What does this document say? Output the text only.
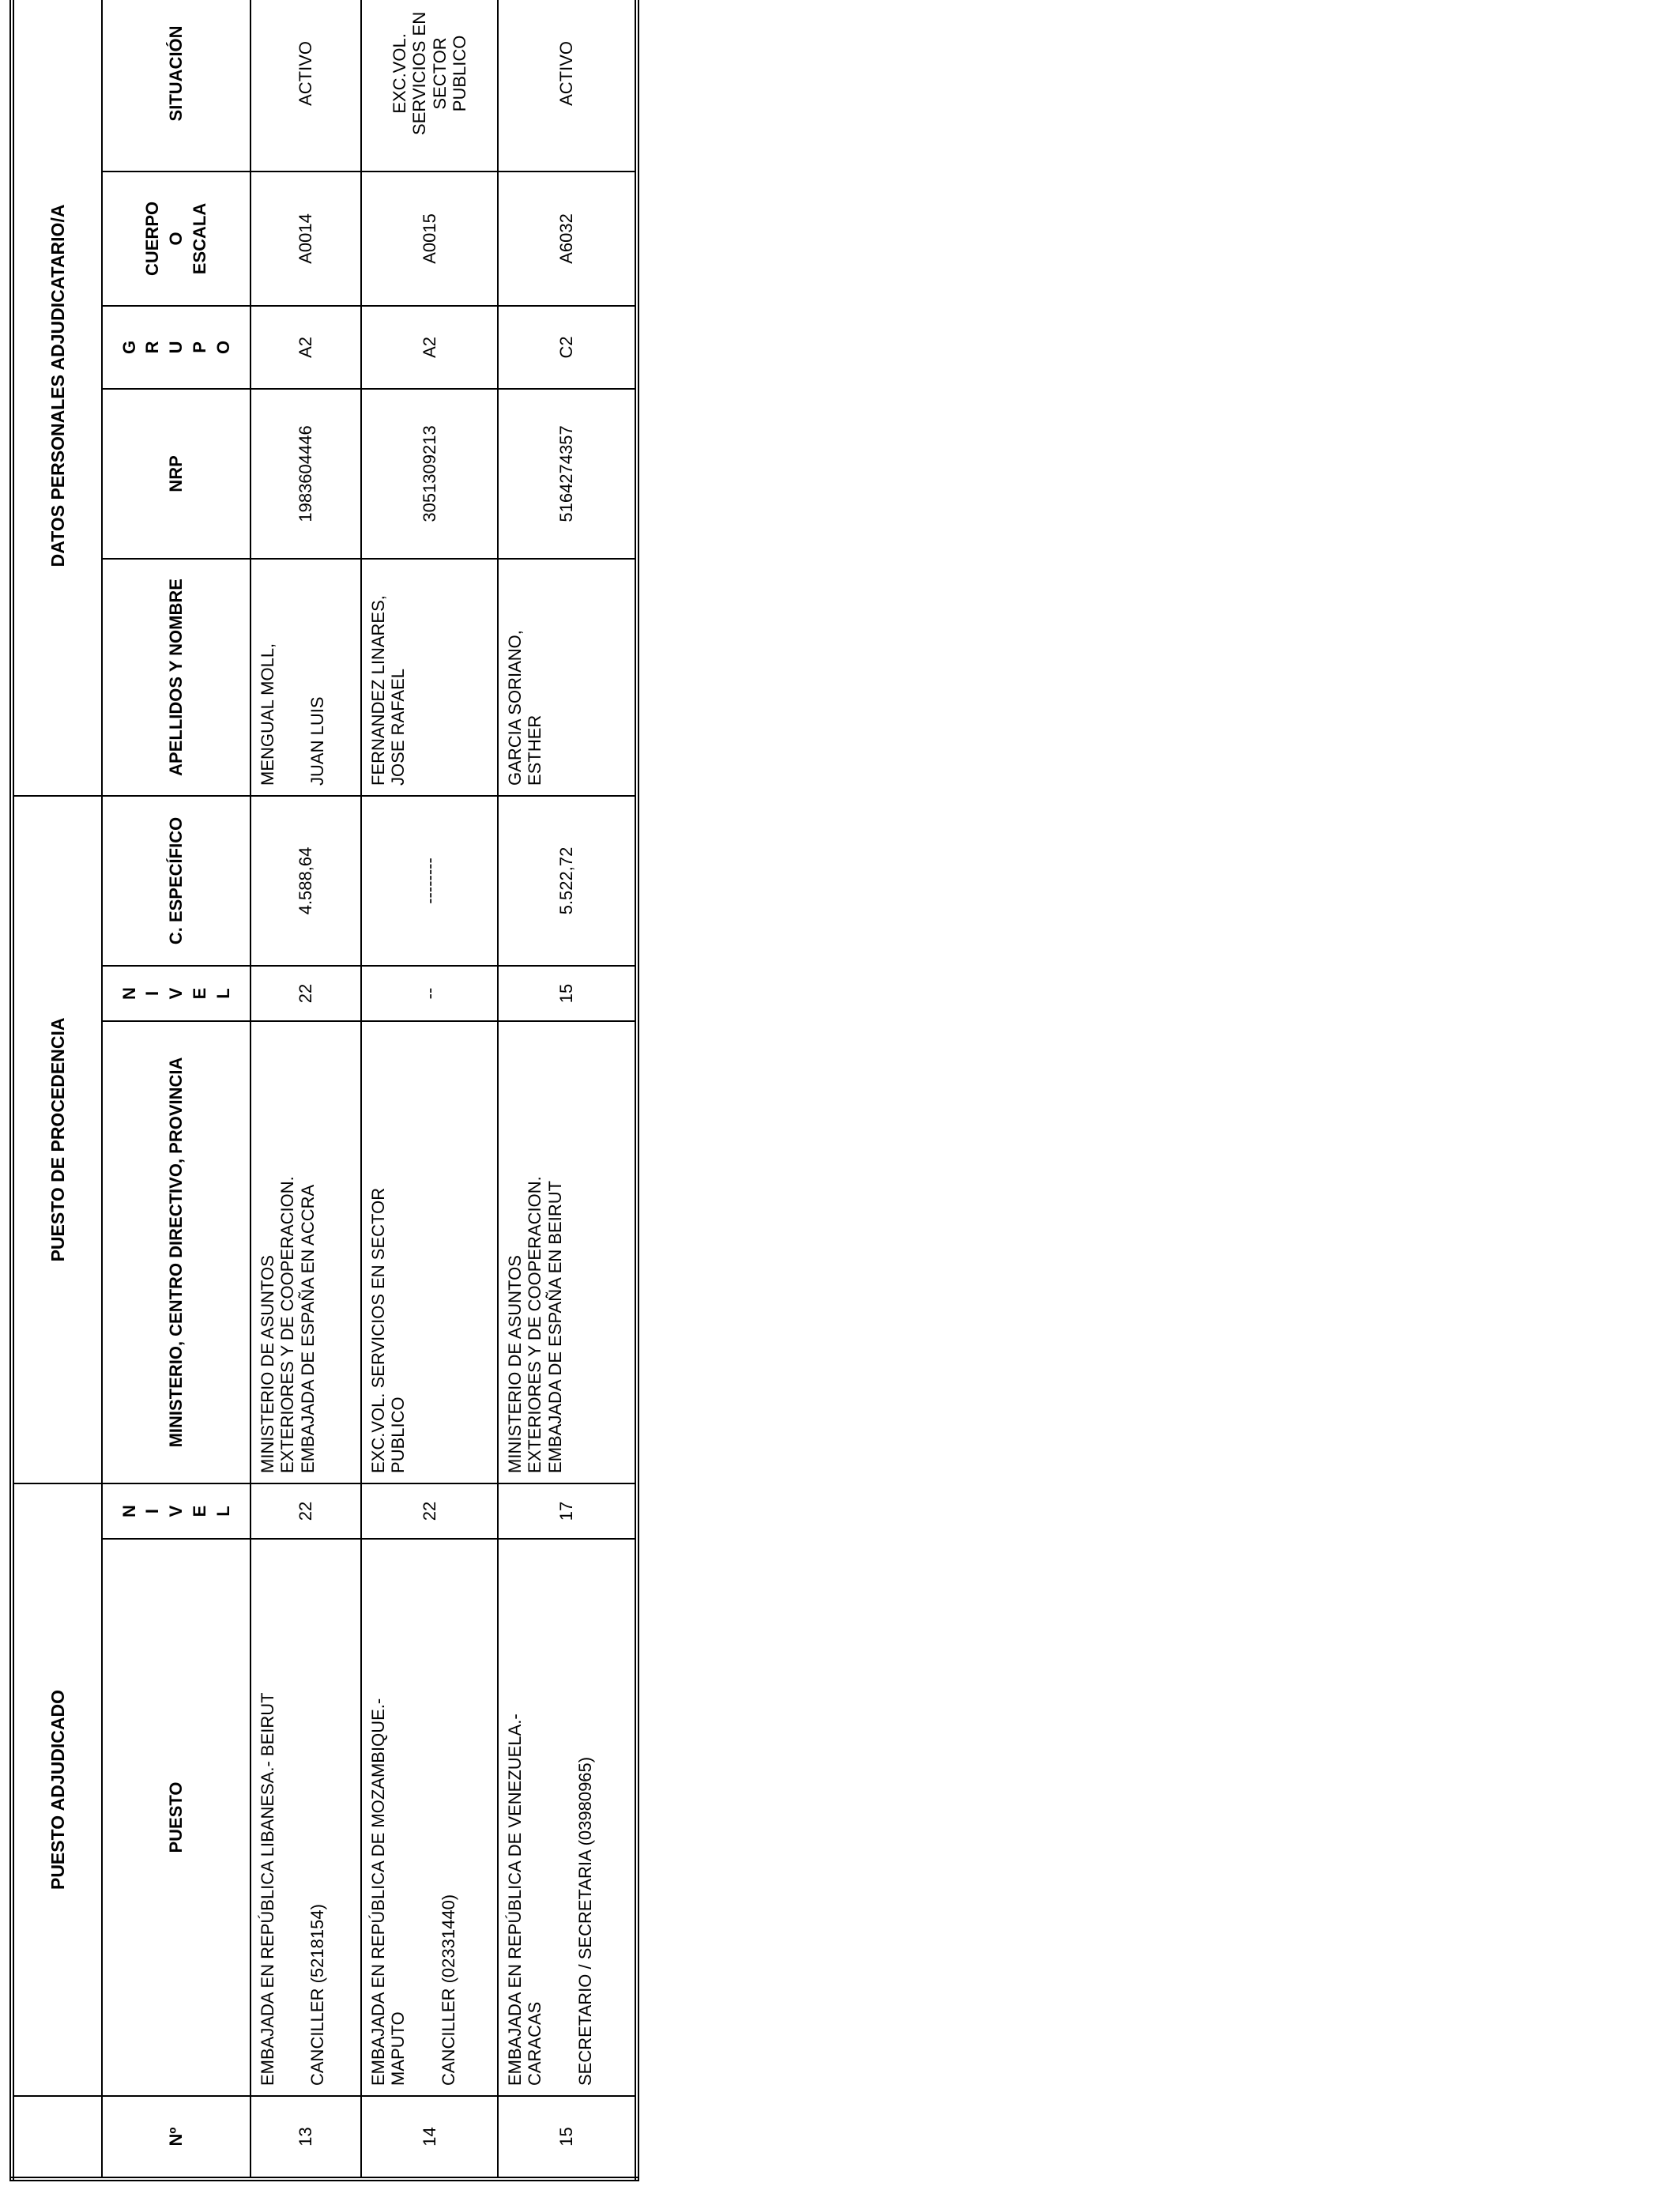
	PUESTO ADJUDICADO		PUESTO DE PROCEDENCIA			DATOS PERSONALES ADJUDICATARIO/A				
Nº	PUESTO	N I V E L	MINISTERIO, CENTRO DIRECTIVO, PROVINCIA	N I V E L	C. ESPECÍFICO	APELLIDOS Y NOMBRE	NRP	G R U P O	CUERPO O ESCALA	SITUACIÓN
13	EMBAJADA EN REPÚBLICA LIBANESA.- BEIRUT CANCILLER (5218154)	22	MINISTERIO DE ASUNTOS EXTERIORES Y DE COOPERACION. EMBAJADA DE ESPAÑA EN ACCRA	22	4.588,64	MENGUAL MOLL, JUAN LUIS	1983604446	A2	A0014	ACTIVO

14	EMBAJADA EN REPÚBLICA DE MOZAMBIQUE.- MAPUTO CANCILLER (02331440)	22	EXC.VOL. SERVICIOS EN SECTOR PUBLICO	--	--------	FERNANDEZ LINARES, JOSE RAFAEL	3051309213	A2	A0015	EXC.VOL. SERVICIOS EN SECTOR PUBLICO

15	EMBAJADA EN REPÚBLICA DE VENEZUELA.- CARACAS SECRETARIO / SECRETARIA (03980965)	17	MINISTERIO DE ASUNTOS EXTERIORES Y DE COOPERACION. EMBAJADA DE ESPAÑA EN BEIRUT	15	5.522,72	GARCIA SORIANO, ESTHER	5164274357	C2	A6032	ACTIVO
